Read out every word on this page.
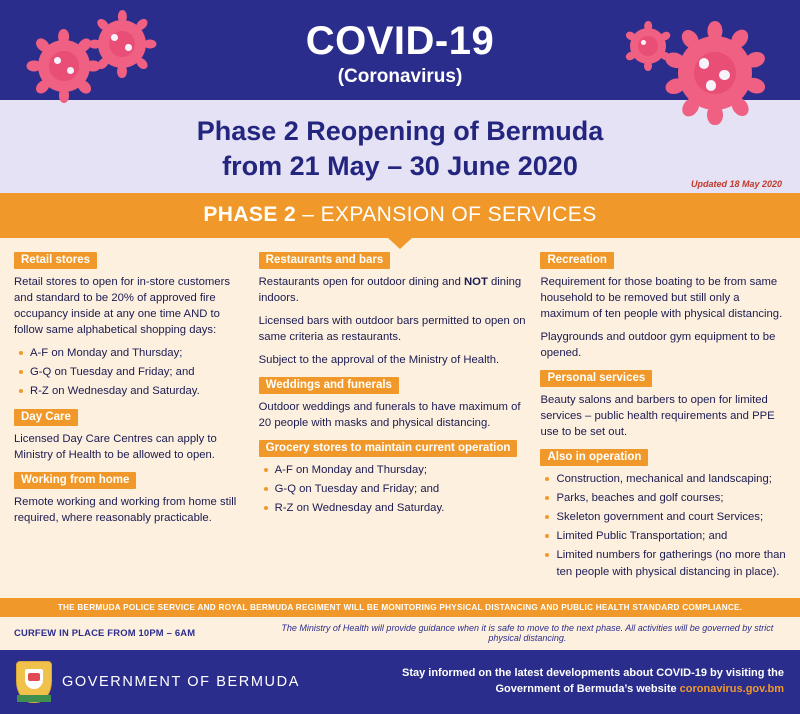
COVID-19
(Coronavirus)
Phase 2 Reopening of Bermuda
from 21 May – 30 June 2020
Updated 18 May 2020
PHASE 2 – EXPANSION OF SERVICES
Retail stores

Retail stores to open for in-store customers and standard to be 20% of approved fire occupancy inside at any one time AND to follow same alphabetical shopping days:

A-F on Monday and Thursday;
G-Q on Tuesday and Friday; and
R-Z on Wednesday and Saturday.
Day Care

Licensed Day Care Centres can apply to Ministry of Health to be allowed to open.

Working from home

Remote working and working from home still required, where reasonably practicable.

Restaurants and bars

Restaurants open for outdoor dining and NOT dining indoors.

Licensed bars with outdoor bars permitted to open on same criteria as restaurants.

Subject to the approval of the Ministry of Health.

Weddings and funerals

Outdoor weddings and funerals to have maximum of 20 people with masks and physical distancing.

Grocery stores to maintain current operation
A-F on Monday and Thursday;
G-Q on Tuesday and Friday; and
R-Z on Wednesday and Saturday.
Recreation

Requirement for those boating to be from same household to be removed but still only a maximum of ten people with physical distancing.

Playgrounds and outdoor gym equipment to be opened.

Personal services

Beauty salons and barbers to open for limited services – public health requirements and PPE use to be set out.

Also in operation
Construction, mechanical and landscaping;
Parks, beaches and golf courses;
Skeleton government and court Services;
Limited Public Transportation; and
Limited numbers for gatherings (no more than ten people with physical distancing in place).
THE BERMUDA POLICE SERVICE AND ROYAL BERMUDA REGIMENT WILL BE MONITORING PHYSICAL DISTANCING AND PUBLIC HEALTH STANDARD COMPLIANCE.
CURFEW IN PLACE FROM 10PM – 6AM	The Ministry of Health will provide guidance when it is safe to move to the next phase. All activities will be governed by strict physical distancing.
GOVERNMENT OF BERMUDA
Stay informed on the latest developments about COVID-19 by visiting the
Government of Bermuda’s website coronavirus.gov.bm
